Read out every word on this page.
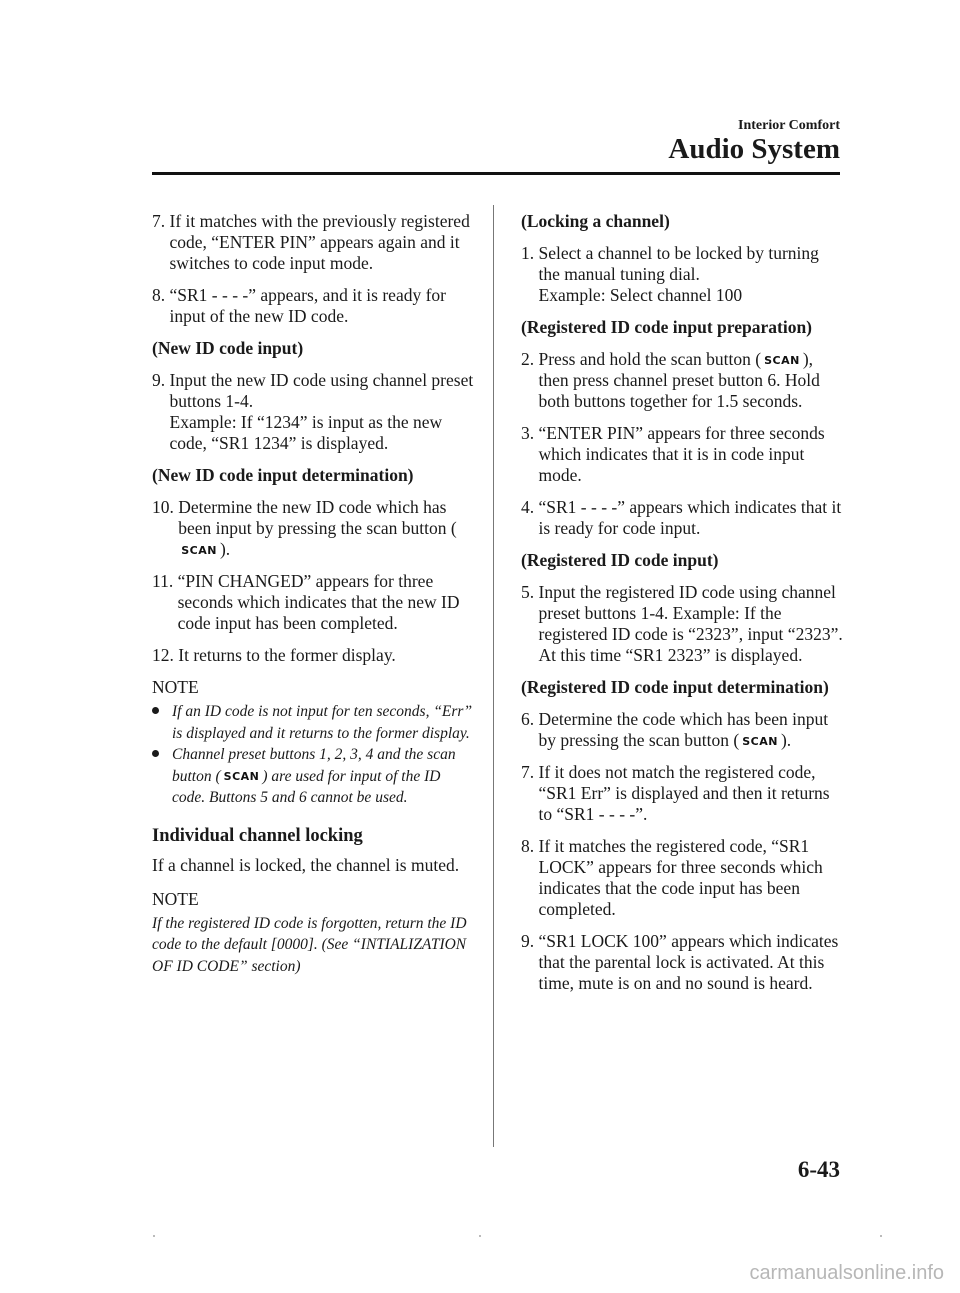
Interior Comfort
Audio System
7. If it matches with the previously registered code, “ENTER PIN” appears again and it switches to code input mode.
8. “SR1 - - - -” appears, and it is ready for input of the new ID code.
(New ID code input)
9. Input the new ID code using channel preset buttons 1-4.
Example: If “1234” is input as the new code, “SR1 1234” is displayed.
(New ID code input determination)
10. Determine the new ID code which has been input by pressing the scan button (SCAN ).
11. “PIN CHANGED” appears for three seconds which indicates that the new ID code input has been completed.
12. It returns to the former display.
NOTE
If an ID code is not input for ten seconds, “Err” is displayed and it returns to the former display.
Channel preset buttons 1, 2, 3, 4 and the scan button ( SCAN ) are used for input of the ID code. Buttons 5 and 6 cannot be used.
Individual channel locking
If a channel is locked, the channel is muted.
NOTE
If the registered ID code is forgotten, return the ID code to the default [0000]. (See “INTIALIZATION OF ID CODE” section)
(Locking a channel)
1. Select a channel to be locked by turning the manual tuning dial.
Example: Select channel 100
(Registered ID code input preparation)
2. Press and hold the scan button ( SCAN ), then press channel preset button 6. Hold both buttons together for 1.5 seconds.
3. “ENTER PIN” appears for three seconds which indicates that it is in code input mode.
4. “SR1 - - - -” appears which indicates that it is ready for code input.
(Registered ID code input)
5. Input the registered ID code using channel preset buttons 1-4. Example: If the registered ID code is “2323”, input “2323”. At this time “SR1 2323” is displayed.
(Registered ID code input determination)
6. Determine the code which has been input by pressing the scan button ( SCAN ).
7. If it does not match the registered code, “SR1 Err” is displayed and then it returns to “SR1 - - - -”.
8. If it matches the registered code, “SR1 LOCK” appears for three seconds which indicates that the code input has been completed.
9. “SR1 LOCK 100” appears which indicates that the parental lock is activated. At this time, mute is on and no sound is heard.
6-43
carmanualsonline.info
